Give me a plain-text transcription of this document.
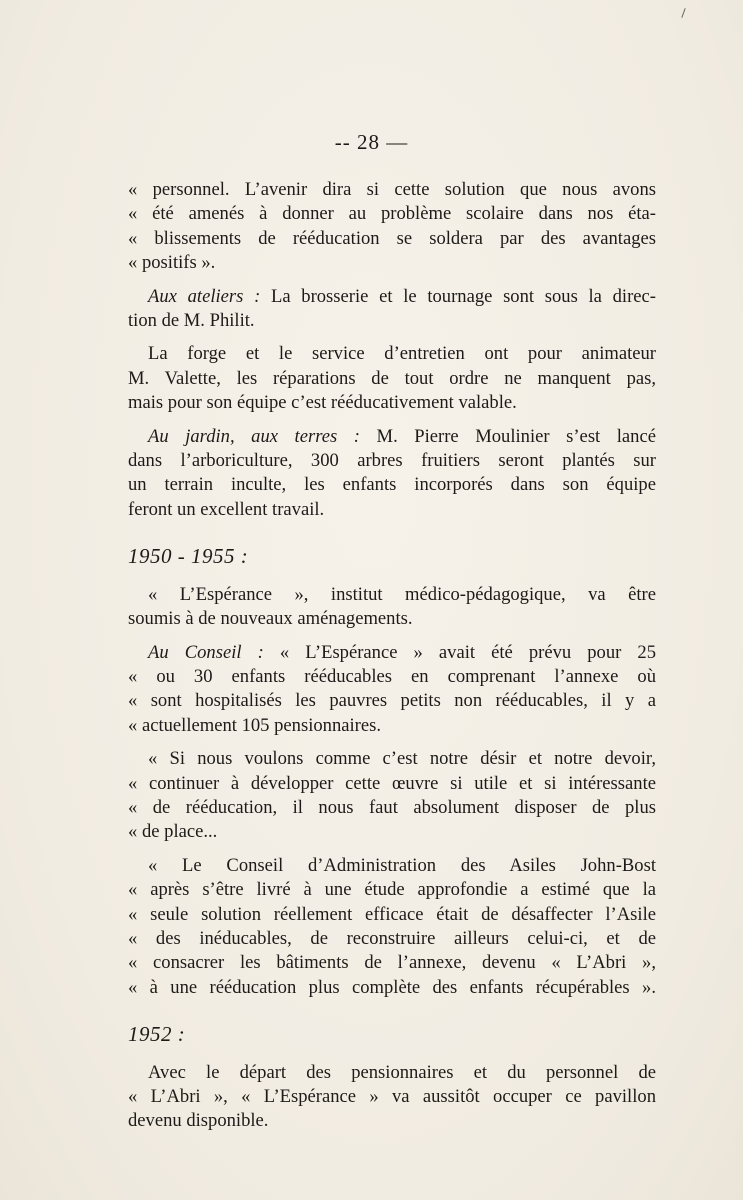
-- 28 —

« personnel. L’avenir dira si cette solution que nous avons
« été amenés à donner au problème scolaire dans nos éta-
« blissements de rééducation se soldera par des avantages
« positifs ».

Aux ateliers : La brosserie et le tournage sont sous la direc-
tion de M. Philit.

La forge et le service d’entretien ont pour animateur
M. Valette, les réparations de tout ordre ne manquent pas,
mais pour son équipe c’est rééducativement valable.

Au jardin, aux terres : M. Pierre Moulinier s’est lancé
dans l’arboriculture, 300 arbres fruitiers seront plantés sur
un terrain inculte, les enfants incorporés dans son équipe
feront un excellent travail.

1950 - 1955 :

« L’Espérance », institut médico-pédagogique, va être
soumis à de nouveaux aménagements.

Au Conseil : « L’Espérance » avait été prévu pour 25
« ou 30 enfants rééducables en comprenant l’annexe où
« sont hospitalisés les pauvres petits non rééducables, il y a
« actuellement 105 pensionnaires.

« Si nous voulons comme c’est notre désir et notre devoir,
« continuer à développer cette œuvre si utile et si intéressante
« de rééducation, il nous faut absolument disposer de plus
« de place...

« Le Conseil d’Administration des Asiles John-Bost
« après s’être livré à une étude approfondie a estimé que la
« seule solution réellement efficace était de désaffecter l’Asile
« des inéducables, de reconstruire ailleurs celui-ci, et de
« consacrer les bâtiments de l’annexe, devenu « L’Abri »,
« à une rééducation plus complète des enfants récupérables ».

1952 :

Avec le départ des pensionnaires et du personnel de
« L’Abri », « L’Espérance » va aussitôt occuper ce pavillon
devenu disponible.
